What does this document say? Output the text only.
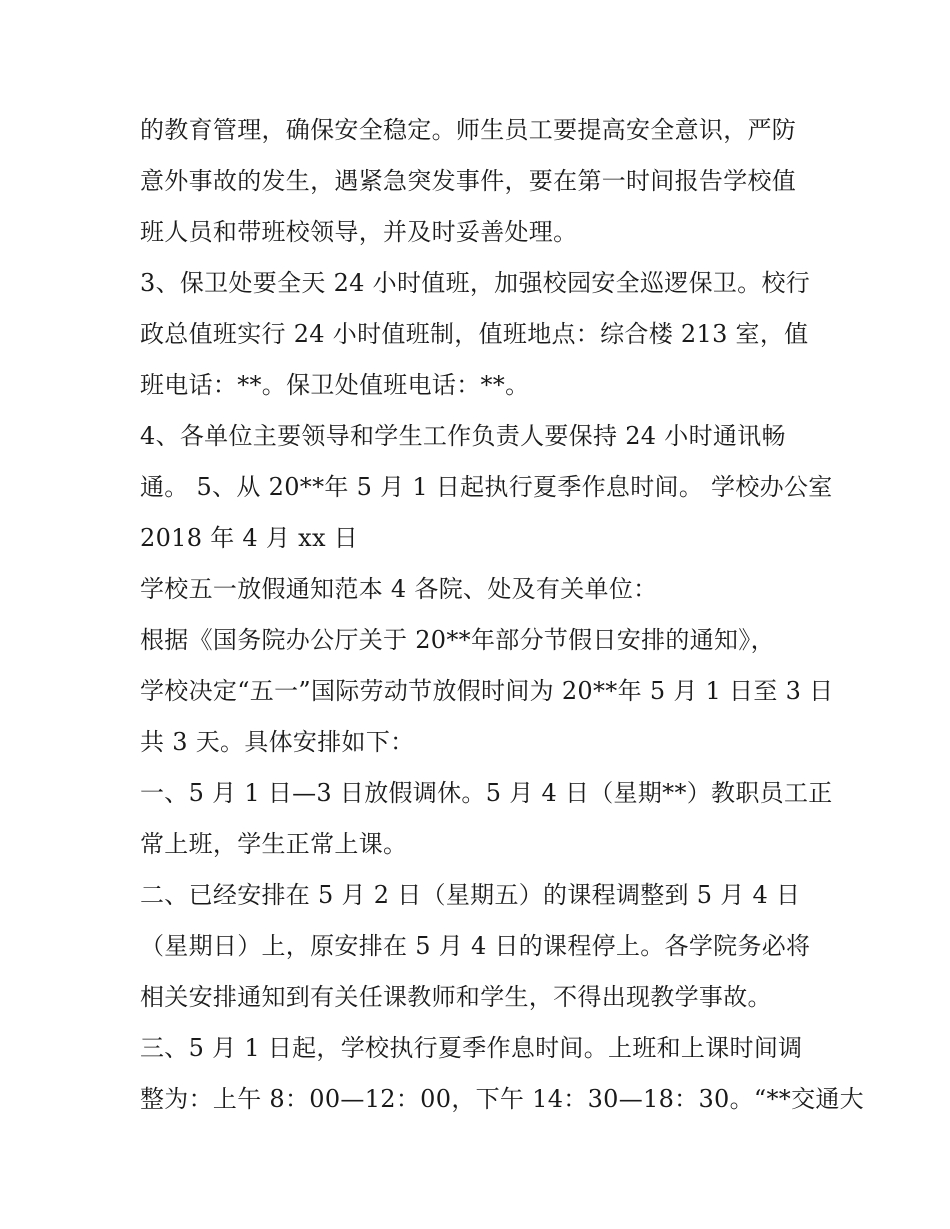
的教育管理，确保安全稳定。师生员工要提高安全意识，严防
意外事故的发生，遇紧急突发事件，要在第一时间报告学校值
班人员和带班校领导，并及时妥善处理。
3、保卫处要全天 24 小时值班，加强校园安全巡逻保卫。校行
政总值班实行 24 小时值班制，值班地点：综合楼 213 室，值
班电话：**。保卫处值班电话：**。
4、各单位主要领导和学生工作负责人要保持 24 小时通讯畅
通。 5、从 20**年 5 月 1 日起执行夏季作息时间。 学校办公室
2018 年 4 月 xx 日
学校五一放假通知范本 4 各院、处及有关单位：
根据《国务院办公厅关于 20**年部分节假日安排的通知》，
学校决定“五一”国际劳动节放假时间为 20**年 5 月 1 日至 3 日
共 3 天。具体安排如下：
一、5 月 1 日—3 日放假调休。5 月 4 日（星期**）教职员工正
常上班，学生正常上课。
二、已经安排在 5 月 2 日（星期五）的课程调整到 5 月 4 日
（星期日）上，原安排在 5 月 4 日的课程停上。各学院务必将
相关安排通知到有关任课教师和学生，不得出现教学事故。
三、5 月 1 日起，学校执行夏季作息时间。上班和上课时间调
整为：上午 8：00—12：00，下午 14：30—18：30。“**交通大
